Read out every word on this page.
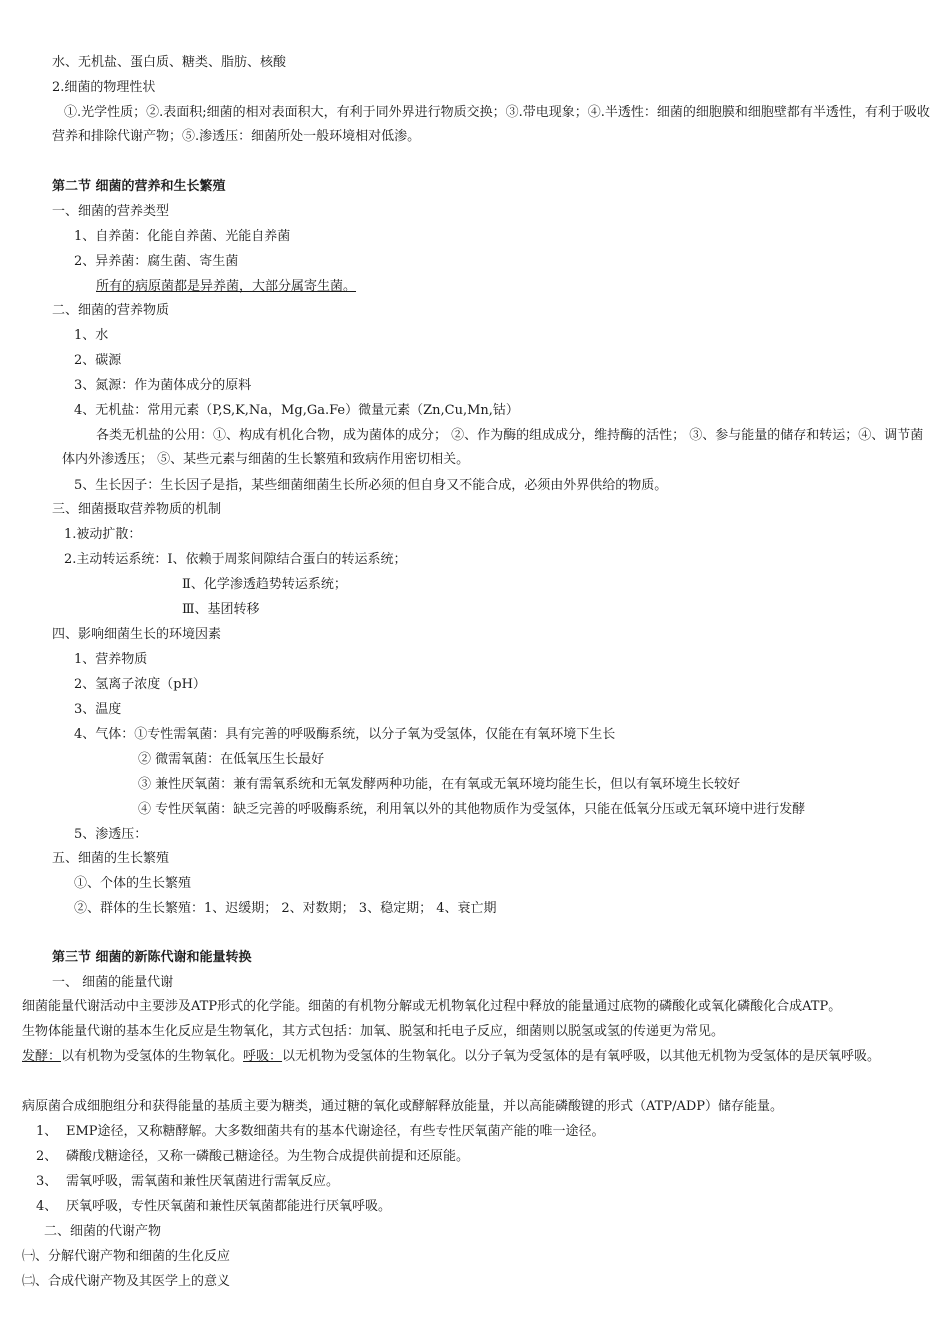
水、无机盐、蛋白质、糖类、脂肪、核酸
2.细菌的物理性状
①.光学性质；②.表面积;细菌的相对表面积大，有利于同外界进行物质交换；③.带电现象；④.半透性：细菌的细胞膜和细胞壁都有半透性，有利于吸收营养和排除代谢产物；⑤.渗透压：细菌所处一般环境相对低渗。
第二节 细菌的营养和生长繁殖
一、细菌的营养类型
1、自养菌：化能自养菌、光能自养菌
2、异养菌：腐生菌、寄生菌
所有的病原菌都是异养菌，大部分属寄生菌。
二、细菌的营养物质
1、水
2、碳源
3、氮源：作为菌体成分的原料
4、无机盐：常用元素（P,S,K,Na，Mg,Ga.Fe）微量元素（Zn,Cu,Mn,钴）
各类无机盐的公用：①、构成有机化合物，成为菌体的成分； ②、作为酶的组成成分，维持酶的活性； ③、参与能量的储存和转运；④、调节菌体内外渗透压； ⑤、某些元素与细菌的生长繁殖和致病作用密切相关。
5、生长因子：生长因子是指，某些细菌细菌生长所必须的但自身又不能合成，必须由外界供给的物质。
三、细菌摄取营养物质的机制
1.被动扩散：
2.主动转运系统：Ⅰ、依赖于周浆间隙结合蛋白的转运系统；
Ⅱ、化学渗透趋势转运系统；
Ⅲ、基团转移
四、影响细菌生长的环境因素
1、营养物质
2、氢离子浓度（pH）
3、温度
4、气体：①专性需氧菌：具有完善的呼吸酶系统，以分子氧为受氢体，仅能在有氧环境下生长
② 微需氧菌：在低氧压生长最好
③ 兼性厌氧菌：兼有需氧系统和无氧发酵两种功能，在有氧或无氧环境均能生长，但以有氧环境生长较好
④ 专性厌氧菌：缺乏完善的呼吸酶系统，利用氧以外的其他物质作为受氢体，只能在低氧分压或无氧环境中进行发酵
5、渗透压：
五、细菌的生长繁殖
①、个体的生长繁殖
②、群体的生长繁殖：1、迟缓期； 2、对数期； 3、稳定期； 4、衰亡期
第三节 细菌的新陈代谢和能量转换
一、 细菌的能量代谢
细菌能量代谢活动中主要涉及ATP形式的化学能。细菌的有机物分解或无机物氧化过程中释放的能量通过底物的磷酸化或氧化磷酸化合成ATP。
生物体能量代谢的基本生化反应是生物氧化，其方式包括：加氧、脱氢和托电子反应，细菌则以脱氢或氢的传递更为常见。
发酵：以有机物为受氢体的生物氧化。呼吸：以无机物为受氢体的生物氧化。以分子氧为受氢体的是有氧呼吸，以其他无机物为受氢体的是厌氧呼吸。
病原菌合成细胞组分和获得能量的基质主要为糖类，通过糖的氧化或酵解释放能量，并以高能磷酸键的形式（ATP/ADP）储存能量。
1、 EMP途径，又称糖酵解。大多数细菌共有的基本代谢途径，有些专性厌氧菌产能的唯一途径。
2、 磷酸戊糖途径，又称一磷酸己糖途径。为生物合成提供前提和还原能。
3、 需氧呼吸，需氧菌和兼性厌氧菌进行需氧反应。
4、 厌氧呼吸，专性厌氧菌和兼性厌氧菌都能进行厌氧呼吸。
二、细菌的代谢产物
㈠、分解代谢产物和细菌的生化反应
㈡、合成代谢产物及其医学上的意义
